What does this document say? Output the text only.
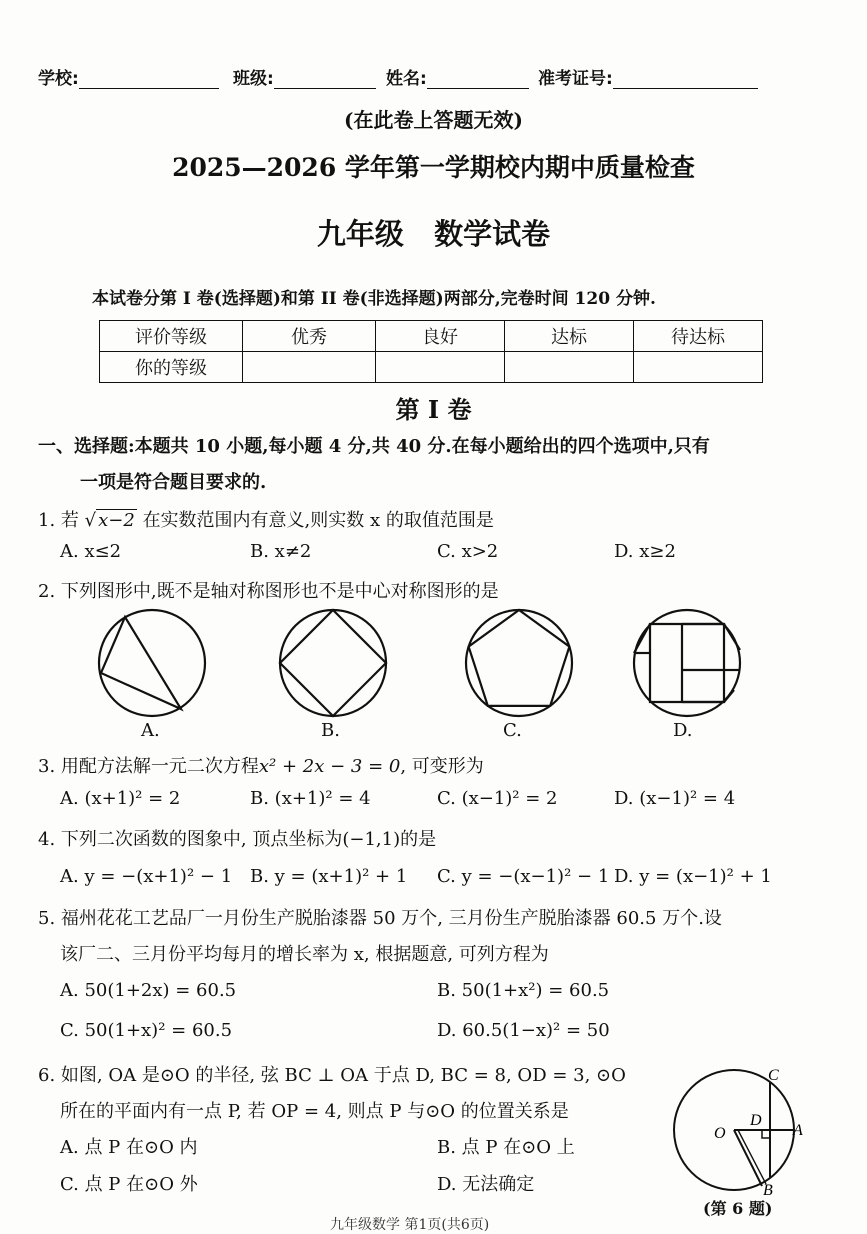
学校:	班级:	姓名:	准考证号:
(在此卷上答题无效)
2025—2026 学年第一学期校内期中质量检查
九年级   数学试卷
本试卷分第 I 卷(选择题)和第 II 卷(非选择题)两部分,完卷时间 120 分钟.
评价等级	优秀	良好	达标	待达标
你的等级				
第 I 卷
一、选择题:本题共 10 小题,每小题 4 分,共 40 分.在每小题给出的四个选项中,只有
一项是符合题目要求的.
1. 若 √ x−2 在实数范围内有意义,则实数 x 的取值范围是
A. x≤2	B. x≠2	C. x>2	D. x≥2
2. 下列图形中,既不是轴对称图形也不是中心对称图形的是
A.	B.	C.	D.
3. 用配方法解一元二次方程x² + 2x − 3 = 0, 可变形为
A. (x+1)² = 2	B. (x+1)² = 4	C. (x−1)² = 2	D. (x−1)² = 4
4. 下列二次函数的图象中, 顶点坐标为(−1,1)的是
A. y = −(x+1)² − 1 B. y = (x+1)² + 1 C. y = −(x−1)² − 1 D. y = (x−1)² + 1
5. 福州花花工艺品厂一月份生产脱胎漆器 50 万个, 三月份生产脱胎漆器 60.5 万个.设
该厂二、三月份平均每月的增长率为 x, 根据题意, 可列方程为
A. 50(1+2x) = 60.5	B. 50(1+x²) = 60.5
C. 50(1+x)² = 60.5	D. 60.5(1−x)² = 50
6. 如图, OA 是⊙O 的半径, 弦 BC ⊥ OA 于点 D, BC = 8, OD = 3, ⊙O
所在的平面内有一点 P, 若 OP = 4, 则点 P 与⊙O 的位置关系是
A. 点 P 在⊙O 内	B. 点 P 在⊙O 上
C. 点 P 在⊙O 外	D. 无法确定
C
D
O	A
B
(第 6 题)
九年级数学 第1页(共6页)
